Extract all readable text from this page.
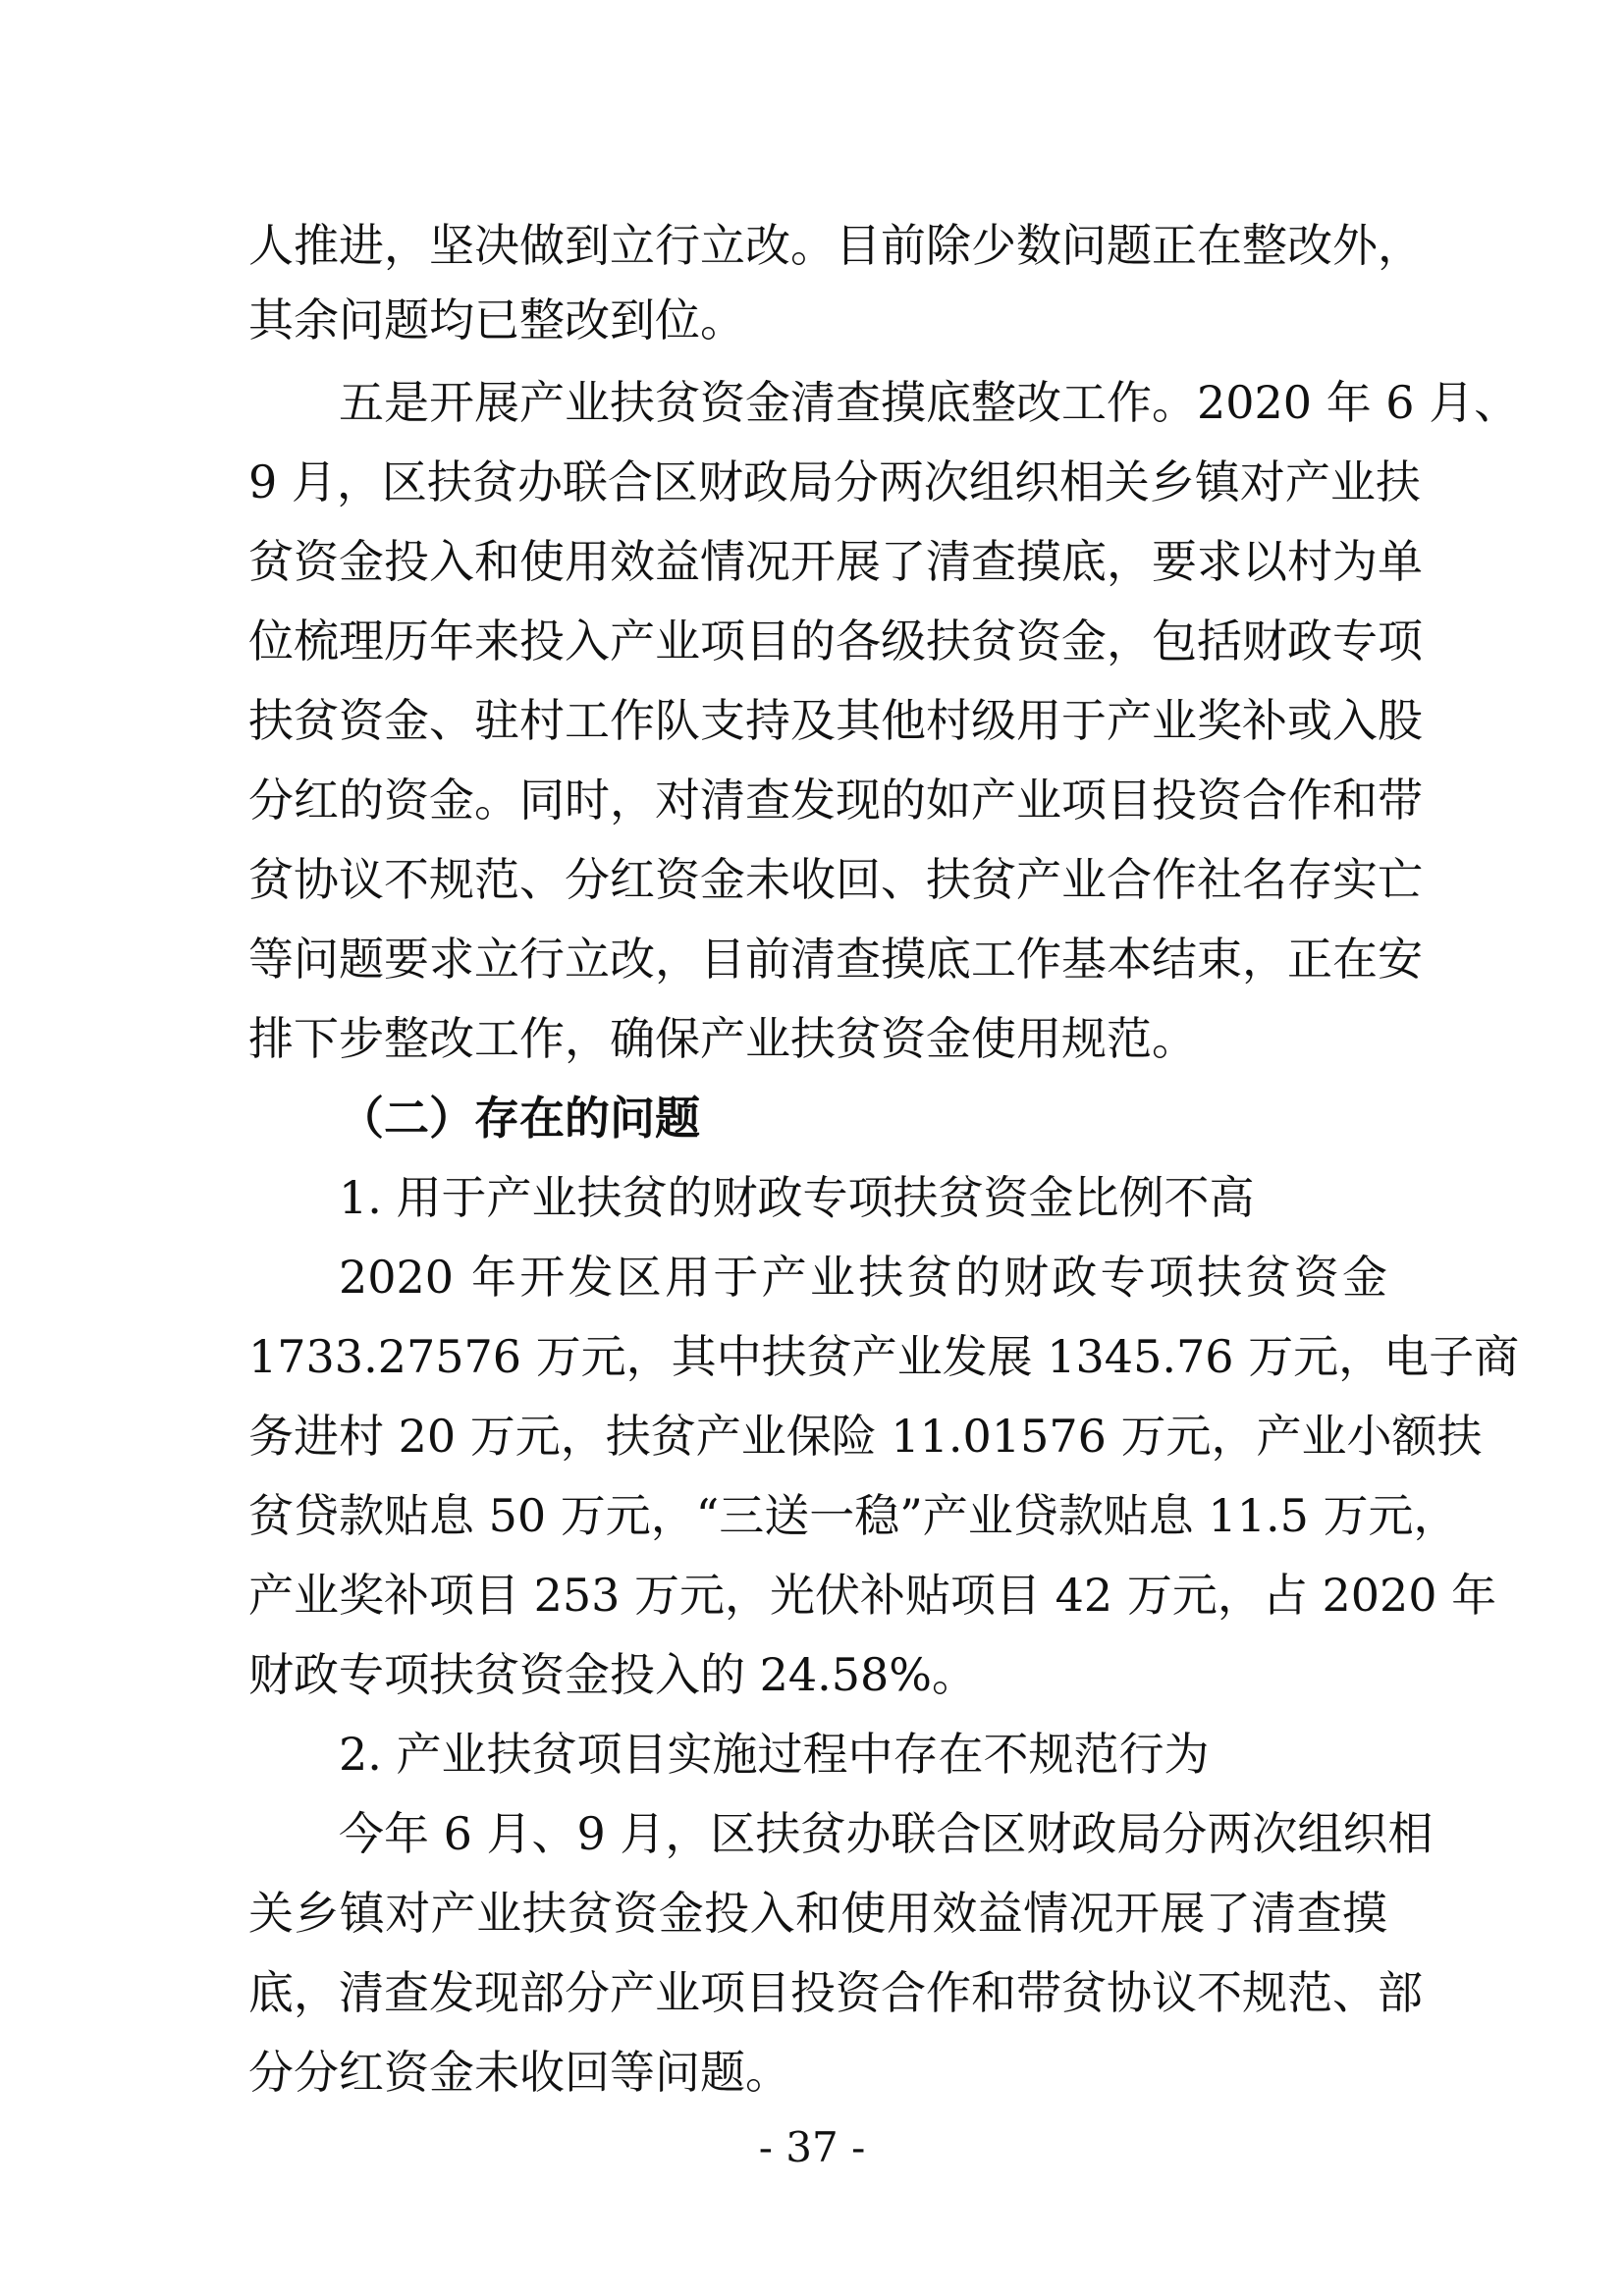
人推进，坚决做到立行立改。目前除少数问题正在整改外，
其余问题均已整改到位。
五是开展产业扶贫资金清查摸底整改工作。2020 年 6 月、
9 月，区扶贫办联合区财政局分两次组织相关乡镇对产业扶
贫资金投入和使用效益情况开展了清查摸底，要求以村为单
位梳理历年来投入产业项目的各级扶贫资金，包括财政专项
扶贫资金、驻村工作队支持及其他村级用于产业奖补或入股
分红的资金。同时，对清查发现的如产业项目投资合作和带
贫协议不规范、分红资金未收回、扶贫产业合作社名存实亡
等问题要求立行立改，目前清查摸底工作基本结束，正在安
排下步整改工作，确保产业扶贫资金使用规范。
（二）存在的问题
1. 用于产业扶贫的财政专项扶贫资金比例不高
2020 年开发区用于产业扶贫的财政专项扶贫资金
1733.27576 万元，其中扶贫产业发展 1345.76 万元，电子商
务进村 20 万元，扶贫产业保险 11.01576 万元，产业小额扶
贫贷款贴息 50 万元，“三送一稳”产业贷款贴息 11.5 万元，
产业奖补项目 253 万元，光伏补贴项目 42 万元，占 2020 年
财政专项扶贫资金投入的 24.58%。
2. 产业扶贫项目实施过程中存在不规范行为
今年 6 月、9 月，区扶贫办联合区财政局分两次组织相
关乡镇对产业扶贫资金投入和使用效益情况开展了清查摸
底，清查发现部分产业项目投资合作和带贫协议不规范、部
分分红资金未收回等问题。
- 37 -
